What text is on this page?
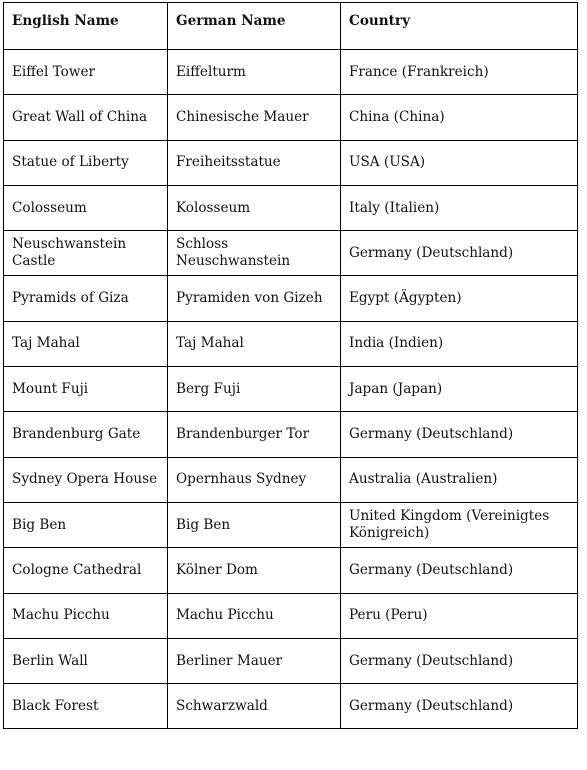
English Name	German Name	Country
Eiffel Tower	Eiffelturm	France (Frankreich)
Great Wall of China	Chinesische Mauer	China (China)
Statue of Liberty	Freiheitsstatue	USA (USA)
Colosseum	Kolosseum	Italy (Italien)
Neuschwanstein Castle	Schloss Neuschwanstein	Germany (Deutschland)
Pyramids of Giza	Pyramiden von Gizeh	Egypt (Ägypten)
Taj Mahal	Taj Mahal	India (Indien)
Mount Fuji	Berg Fuji	Japan (Japan)
Brandenburg Gate	Brandenburger Tor	Germany (Deutschland)
Sydney Opera House	Opernhaus Sydney	Australia (Australien)
Big Ben	Big Ben	United Kingdom (Vereinigtes Königreich)
Cologne Cathedral	Kölner Dom	Germany (Deutschland)
Machu Picchu	Machu Picchu	Peru (Peru)
Berlin Wall	Berliner Mauer	Germany (Deutschland)
Black Forest	Schwarzwald	Germany (Deutschland)
